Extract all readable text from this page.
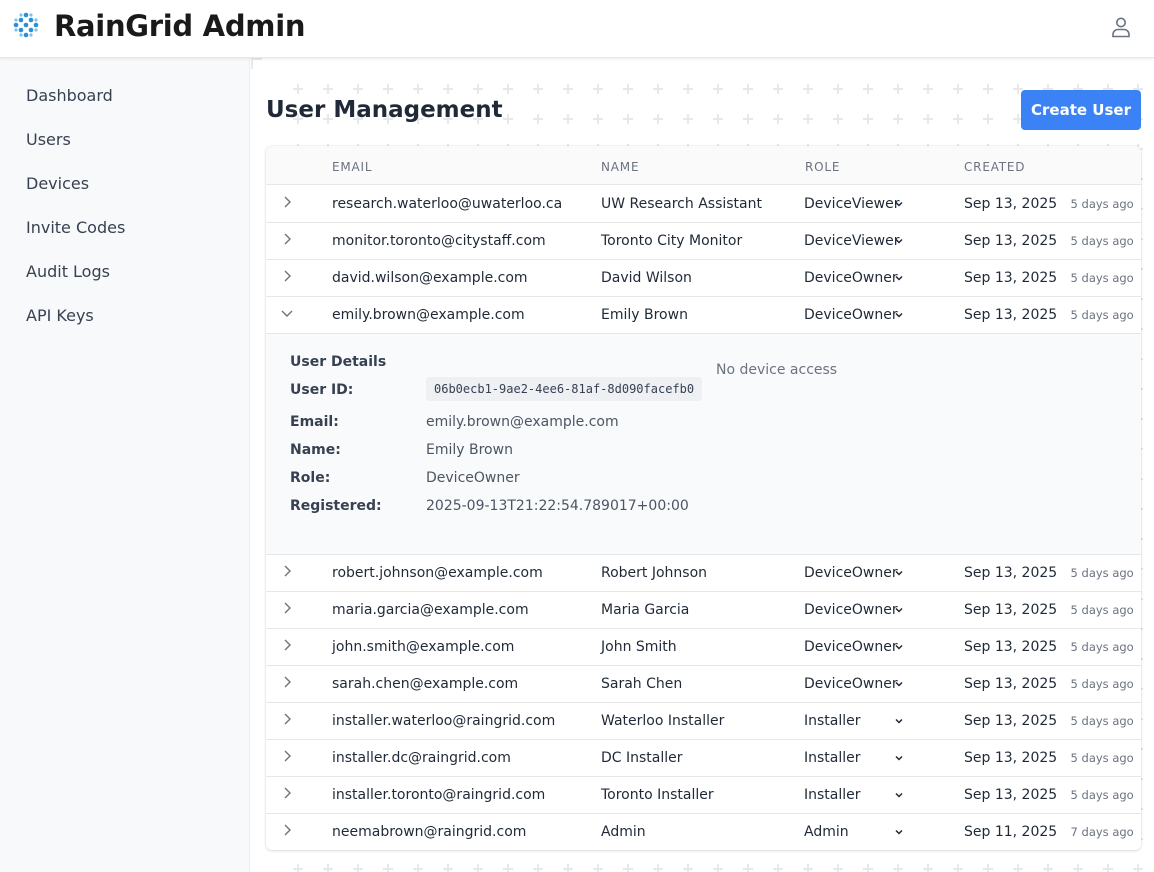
RainGrid Admin
Dashboard
Users
Devices
Invite Codes
Audit Logs
API Keys
User Management	Create User
EMAIL	NAME	ROLE	CREATED
research.waterloo@uwaterloo.ca	UW Research Assistant	DeviceViewer	Sep 13, 2025 5 days ago
monitor.toronto@citystaff.com	Toronto City Monitor	DeviceViewer	Sep 13, 2025 5 days ago
david.wilson@example.com	David Wilson	DeviceOwner	Sep 13, 2025 5 days ago
emily.brown@example.com	Emily Brown	DeviceOwner	Sep 13, 2025 5 days ago
User Details
User ID:	06b0ecb1-9ae2-4ee6-81af-8d090facefb0
Email:	emily.brown@example.com
Name:	Emily Brown
Role:	DeviceOwner
Registered:	2025-09-13T21:22:54.789017+00:00
No device access
robert.johnson@example.com	Robert Johnson	DeviceOwner	Sep 13, 2025 5 days ago
maria.garcia@example.com	Maria Garcia	DeviceOwner	Sep 13, 2025 5 days ago
john.smith@example.com	John Smith	DeviceOwner	Sep 13, 2025 5 days ago
sarah.chen@example.com	Sarah Chen	DeviceOwner	Sep 13, 2025 5 days ago
installer.waterloo@raingrid.com	Waterloo Installer	Installer	Sep 13, 2025 5 days ago
installer.dc@raingrid.com	DC Installer	Installer	Sep 13, 2025 5 days ago
installer.toronto@raingrid.com	Toronto Installer	Installer	Sep 13, 2025 5 days ago
neemabrown@raingrid.com	Admin	Admin	Sep 11, 2025 7 days ago
